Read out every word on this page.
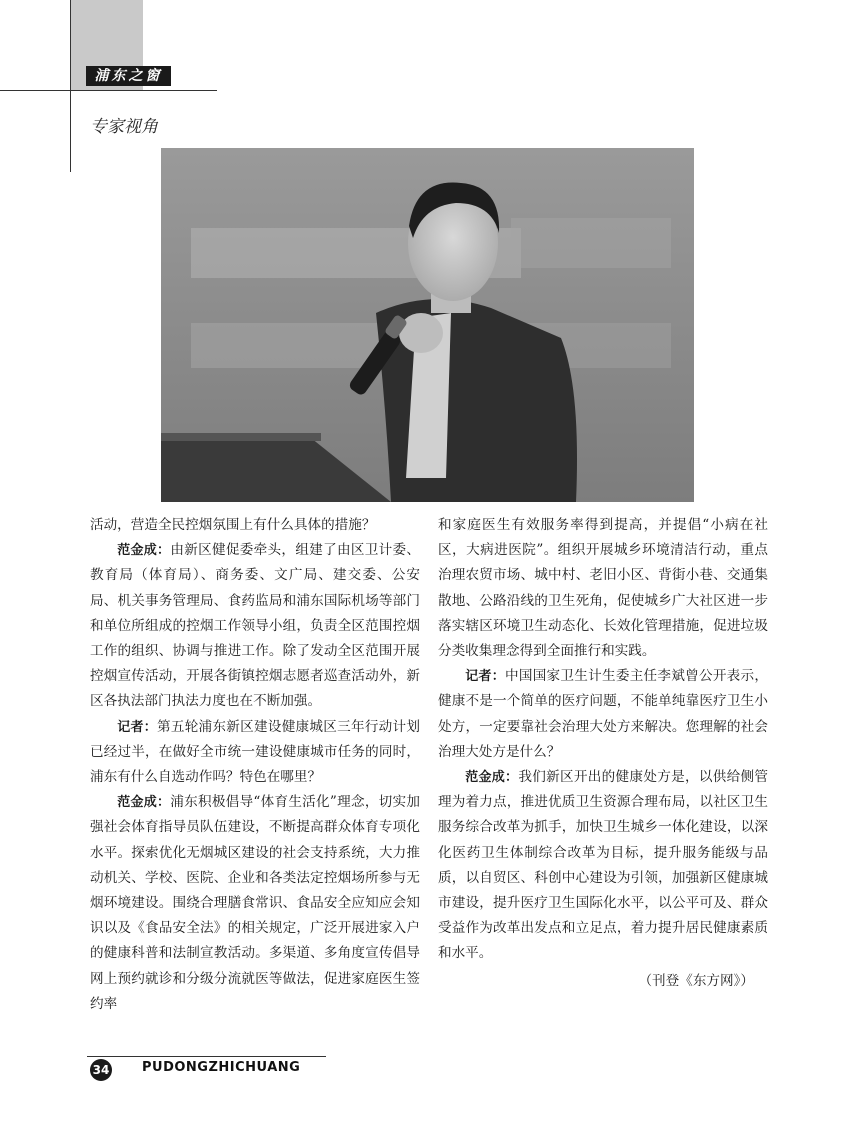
浦东之窗
专家视角

活动，营造全民控烟氛围上有什么具体的措施？

范金成：由新区健促委牵头，组建了由区卫计委、教育局（体育局）、商务委、文广局、建交委、公安局、机关事务管理局、食药监局和浦东国际机场等部门和单位所组成的控烟工作领导小组，负责全区范围控烟工作的组织、协调与推进工作。除了发动全区范围开展控烟宣传活动，开展各街镇控烟志愿者巡查活动外，新区各执法部门执法力度也在不断加强。

记者：第五轮浦东新区建设健康城区三年行动计划已经过半，在做好全市统一建设健康城市任务的同时，浦东有什么自选动作吗？特色在哪里？

范金成：浦东积极倡导“体育生活化”理念，切实加强社会体育指导员队伍建设，不断提高群众体育专项化水平。探索优化无烟城区建设的社会支持系统，大力推动机关、学校、医院、企业和各类法定控烟场所参与无烟环境建设。围绕合理膳食常识、食品安全应知应会知识以及《食品安全法》的相关规定，广泛开展进家入户的健康科普和法制宣教活动。多渠道、多角度宣传倡导网上预约就诊和分级分流就医等做法，促进家庭医生签约率

和家庭医生有效服务率得到提高，并提倡“小病在社区，大病进医院”。组织开展城乡环境清洁行动，重点治理农贸市场、城中村、老旧小区、背街小巷、交通集散地、公路沿线的卫生死角，促使城乡广大社区进一步落实辖区环境卫生动态化、长效化管理措施，促进垃圾分类收集理念得到全面推行和实践。

记者：中国国家卫生计生委主任李斌曾公开表示，健康不是一个简单的医疗问题，不能单纯靠医疗卫生小处方，一定要靠社会治理大处方来解决。您理解的社会治理大处方是什么？

范金成：我们新区开出的健康处方是，以供给侧管理为着力点，推进优质卫生资源合理布局，以社区卫生服务综合改革为抓手，加快卫生城乡一体化建设，以深化医药卫生体制综合改革为目标，提升服务能级与品质，以自贸区、科创中心建设为引领，加强新区健康城市建设，提升医疗卫生国际化水平，以公平可及、群众受益作为改革出发点和立足点，着力提升居民健康素质和水平。

（刊登《东方网》）

34	PUDONGZHICHUANG
